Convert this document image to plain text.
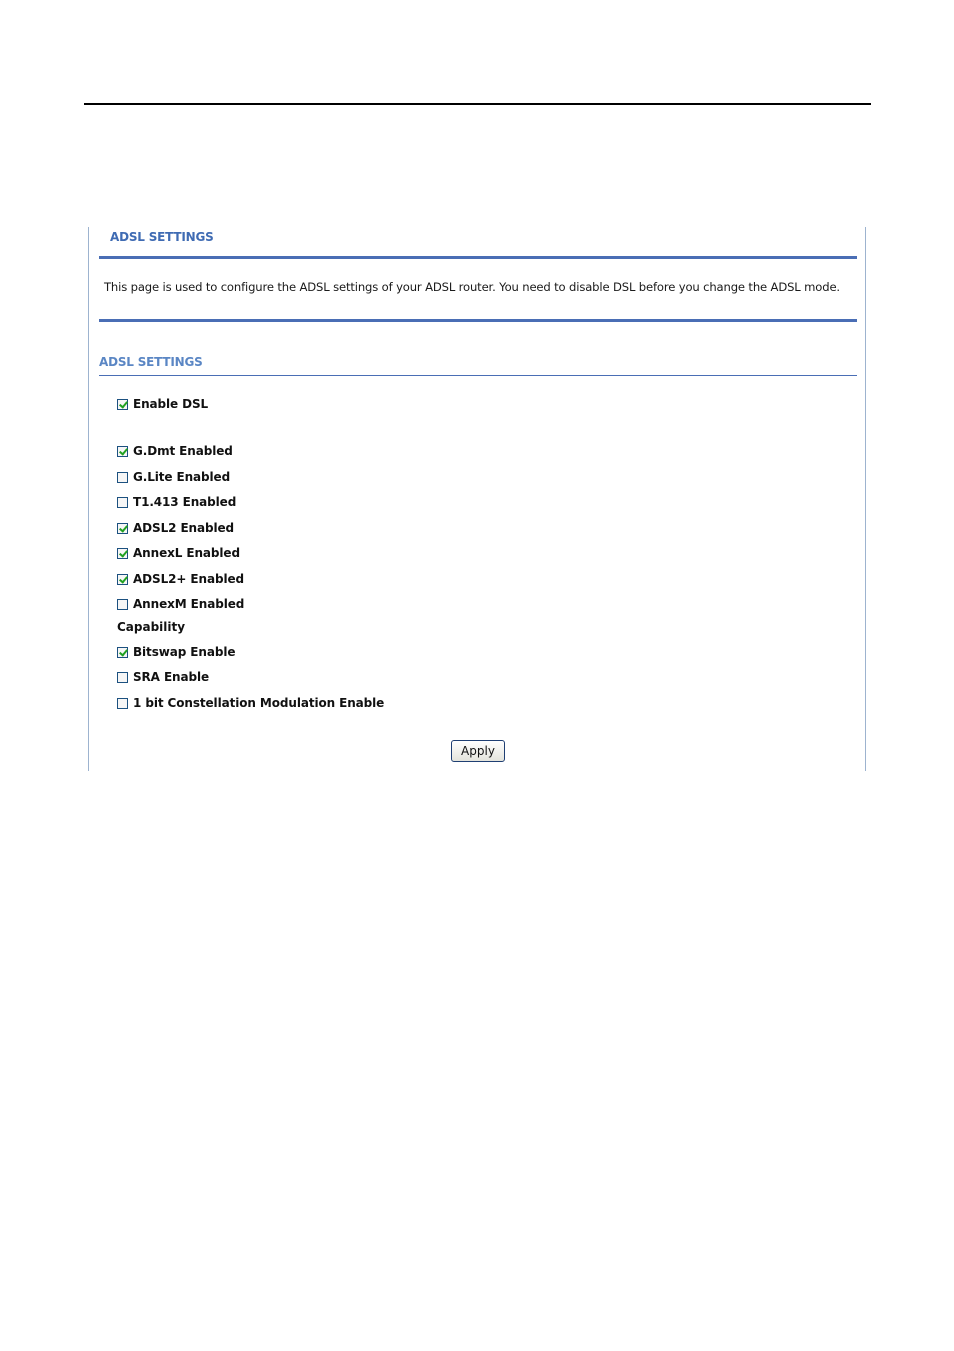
ADSL SETTINGS
This page is used to configure the ADSL settings of your ADSL router. You need to disable DSL before you change the ADSL mode.
ADSL SETTINGS
Enable DSL
G.Dmt Enabled
G.Lite Enabled
T1.413 Enabled
ADSL2 Enabled
AnnexL Enabled
ADSL2+ Enabled
AnnexM Enabled
Capability
Bitswap Enable
SRA Enable
1 bit Constellation Modulation Enable
Apply
